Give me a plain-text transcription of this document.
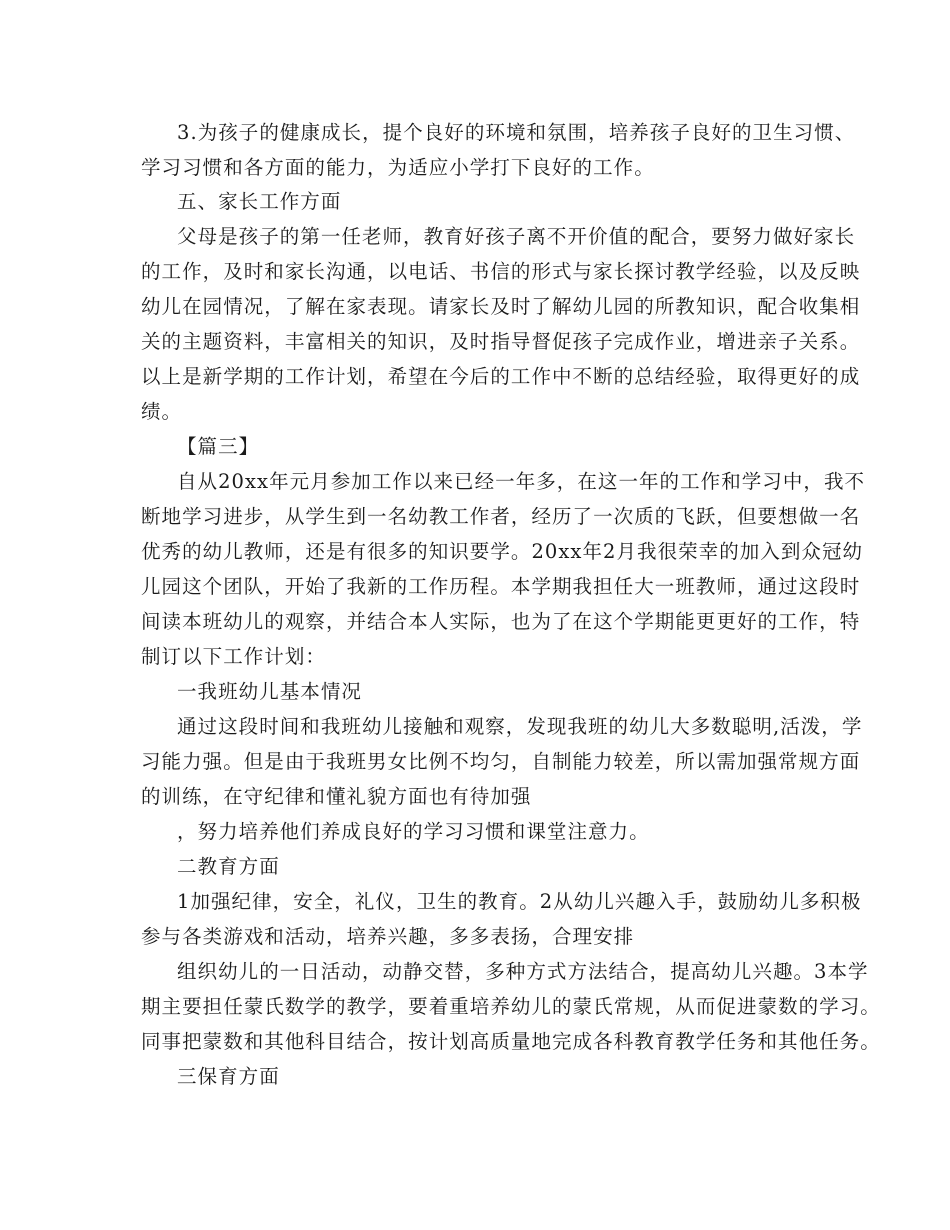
3.为孩子的健康成长，提个良好的环境和氛围，培养孩子良好的卫生习惯、
学习习惯和各方面的能力，为适应小学打下良好的工作。
五、家长工作方面
父母是孩子的第一任老师，教育好孩子离不开价值的配合，要努力做好家长
的工作，及时和家长沟通，以电话、书信的形式与家长探讨教学经验，以及反映
幼儿在园情况，了解在家表现。请家长及时了解幼儿园的所教知识，配合收集相
关的主题资料，丰富相关的知识，及时指导督促孩子完成作业，增进亲子关系。
以上是新学期的工作计划，希望在今后的工作中不断的总结经验，取得更好的成
绩。
【篇三】
自从20xx年元月参加工作以来已经一年多，在这一年的工作和学习中，我不
断地学习进步，从学生到一名幼教工作者，经历了一次质的飞跃，但要想做一名
优秀的幼儿教师，还是有很多的知识要学。20xx年2月我很荣幸的加入到众冠幼
儿园这个团队，开始了我新的工作历程。本学期我担任大一班教师，通过这段时
间读本班幼儿的观察，并结合本人实际，也为了在这个学期能更更好的工作，特
制订以下工作计划：
一我班幼儿基本情况
通过这段时间和我班幼儿接触和观察，发现我班的幼儿大多数聪明,活泼，学
习能力强。但是由于我班男女比例不均匀，自制能力较差，所以需加强常规方面
的训练，在守纪律和懂礼貌方面也有待加强
，努力培养他们养成良好的学习习惯和课堂注意力。
二教育方面
1加强纪律，安全，礼仪，卫生的教育。2从幼儿兴趣入手，鼓励幼儿多积极
参与各类游戏和活动，培养兴趣，多多表扬，合理安排
组织幼儿的一日活动，动静交替，多种方式方法结合，提高幼儿兴趣。3本学
期主要担任蒙氏数学的教学，要着重培养幼儿的蒙氏常规，从而促进蒙数的学习。
同事把蒙数和其他科目结合，按计划高质量地完成各科教育教学任务和其他任务。
三保育方面
